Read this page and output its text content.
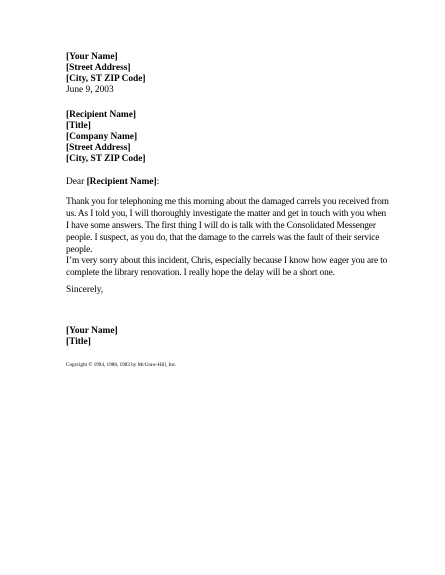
[Your Name]
[Street Address]
[City, ST ZIP Code]
June 9, 2003
[Recipient Name]
[Title]
[Company Name]
[Street Address]
[City, ST ZIP Code]
Dear [Recipient Name]:
Thank you for telephoning me this morning about the damaged carrels you received from
us. As I told you, I will thoroughly investigate the matter and get in touch with you when
I have some answers. The first thing I will do is talk with the Consolidated Messenger
people. I suspect, as you do, that the damage to the carrels was the fault of their service
people.
I’m very sorry about this incident, Chris, especially because I know how eager you are to
complete the library renovation. I really hope the delay will be a short one.
Sincerely,
[Your Name]
[Title]
Copyright © 1994, 1988, 1983 by McGraw-Hill, Inc.
